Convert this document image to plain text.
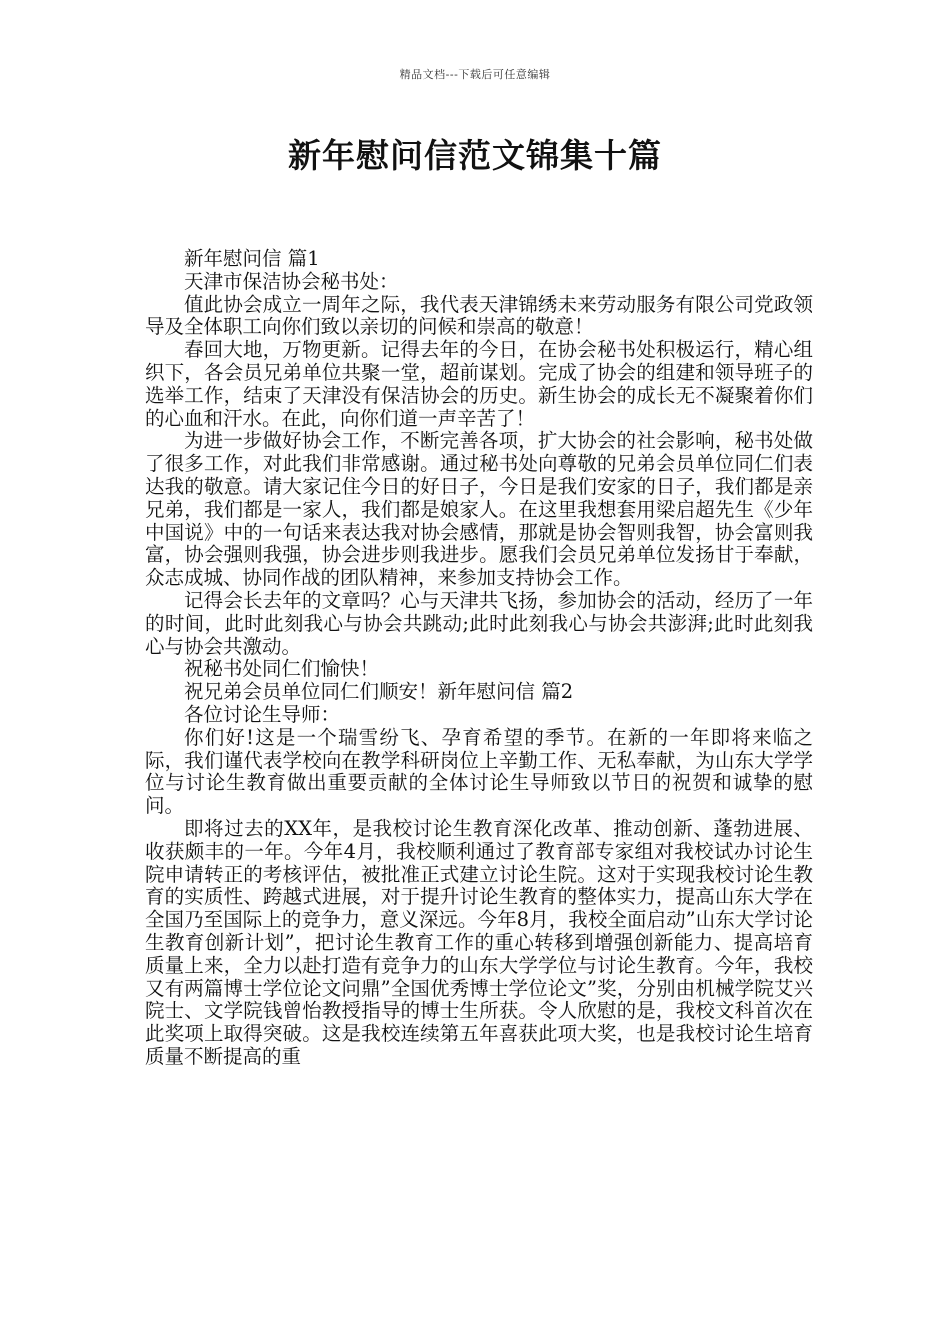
精品文档---下载后可任意编辑
新年慰问信范文锦集十篇

新年慰问信 篇1

天津市保洁协会秘书处：

值此协会成立一周年之际，我代表天津锦绣未来劳动服务有限公司党政领导及全体职工向你们致以亲切的问候和崇高的敬意！

春回大地，万物更新。记得去年的今日，在协会秘书处积极运行，精心组织下，各会员兄弟单位共聚一堂，超前谋划。完成了协会的组建和领导班子的选举工作，结束了天津没有保洁协会的历史。新生协会的成长无不凝聚着你们的心血和汗水。在此，向你们道一声辛苦了！

为进一步做好协会工作，不断完善各项，扩大协会的社会影响，秘书处做了很多工作，对此我们非常感谢。通过秘书处向尊敬的兄弟会员单位同仁们表达我的敬意。请大家记住今日的好日子，今日是我们安家的日子，我们都是亲兄弟，我们都是一家人，我们都是娘家人。在这里我想套用梁启超先生《少年中国说》中的一句话来表达我对协会感情，那就是协会智则我智，协会富则我富，协会强则我强，协会进步则我进步。愿我们会员兄弟单位发扬甘于奉献，众志成城、协同作战的团队精神，来参加支持协会工作。

记得会长去年的文章吗？心与天津共飞扬，参加协会的活动，经历了一年的时间，此时此刻我心与协会共跳动;此时此刻我心与协会共澎湃;此时此刻我心与协会共激动。

祝秘书处同仁们愉快！

祝兄弟会员单位同仁们顺安！新年慰问信 篇2

各位讨论生导师：

你们好!这是一个瑞雪纷飞、孕育希望的季节。在新的一年即将来临之际，我们谨代表学校向在教学科研岗位上辛勤工作、无私奉献，为山东大学学位与讨论生教育做出重要贡献的全体讨论生导师致以节日的祝贺和诚挚的慰问。

即将过去的XX年，是我校讨论生教育深化改革、推动创新、蓬勃进展、收获颇丰的一年。今年4月，我校顺利通过了教育部专家组对我校试办讨论生院申请转正的考核评估，被批准正式建立讨论生院。这对于实现我校讨论生教育的实质性、跨越式进展，对于提升讨论生教育的整体实力，提高山东大学在全国乃至国际上的竞争力，意义深远。今年8月，我校全面启动”山东大学讨论生教育创新计划”，把讨论生教育工作的重心转移到增强创新能力、提高培育质量上来，全力以赴打造有竞争力的山东大学学位与讨论生教育。今年，我校又有两篇博士学位论文问鼎”全国优秀博士学位论文”奖，分别由机械学院艾兴院士、文学院钱曾怡教授指导的博士生所获。令人欣慰的是，我校文科首次在此奖项上取得突破。这是我校连续第五年喜获此项大奖，也是我校讨论生培育质量不断提高的重
